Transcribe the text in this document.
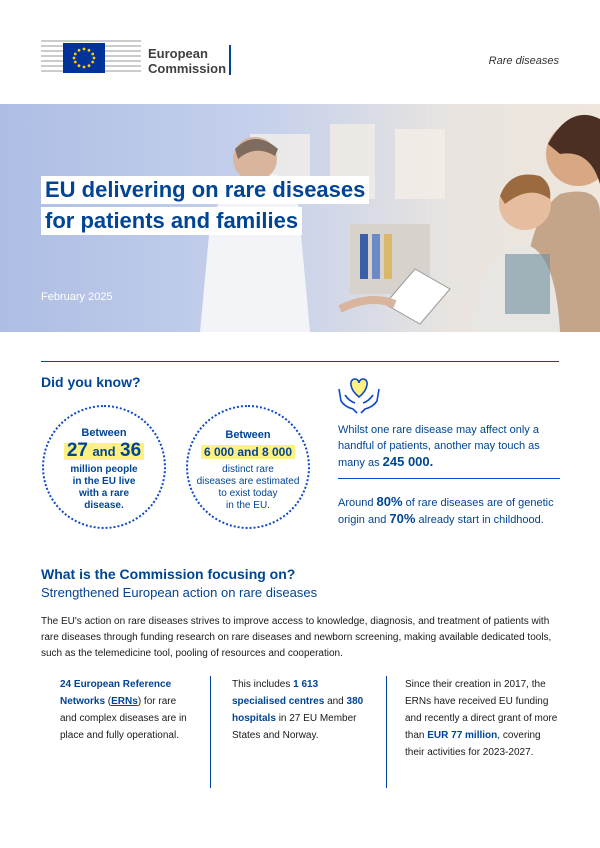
European
Commission	Rare diseases
EU delivering on rare diseases
for patients and families
February 2025
Did you know?
Between
27 and 36
million people
in the EU live
with a rare
disease.
Between
6 000 and 8 000
distinct rare
diseases are estimated
to exist today
in the EU.
Whilst one rare disease may affect only a handful of patients, another may touch as many as 245 000.
Around 80% of rare diseases are of genetic origin and 70% already start in childhood.
What is the Commission focusing on?
Strengthened European action on rare diseases
The EU's action on rare diseases strives to improve access to knowledge, diagnosis, and treatment of patients with rare diseases through funding research on rare diseases and newborn screening, making available dedicated tools, such as the telemedicine tool, pooling of resources and cooperation.
24 European Reference Networks (ERNs) for rare and complex diseases are in place and fully operational.
This includes 1 613 specialised centres and 380 hospitals in 27 EU Member States and Norway.
Since their creation in 2017, the ERNs have received EU funding and recently a direct grant of more than EUR 77 million, covering their activities for 2023-2027.
